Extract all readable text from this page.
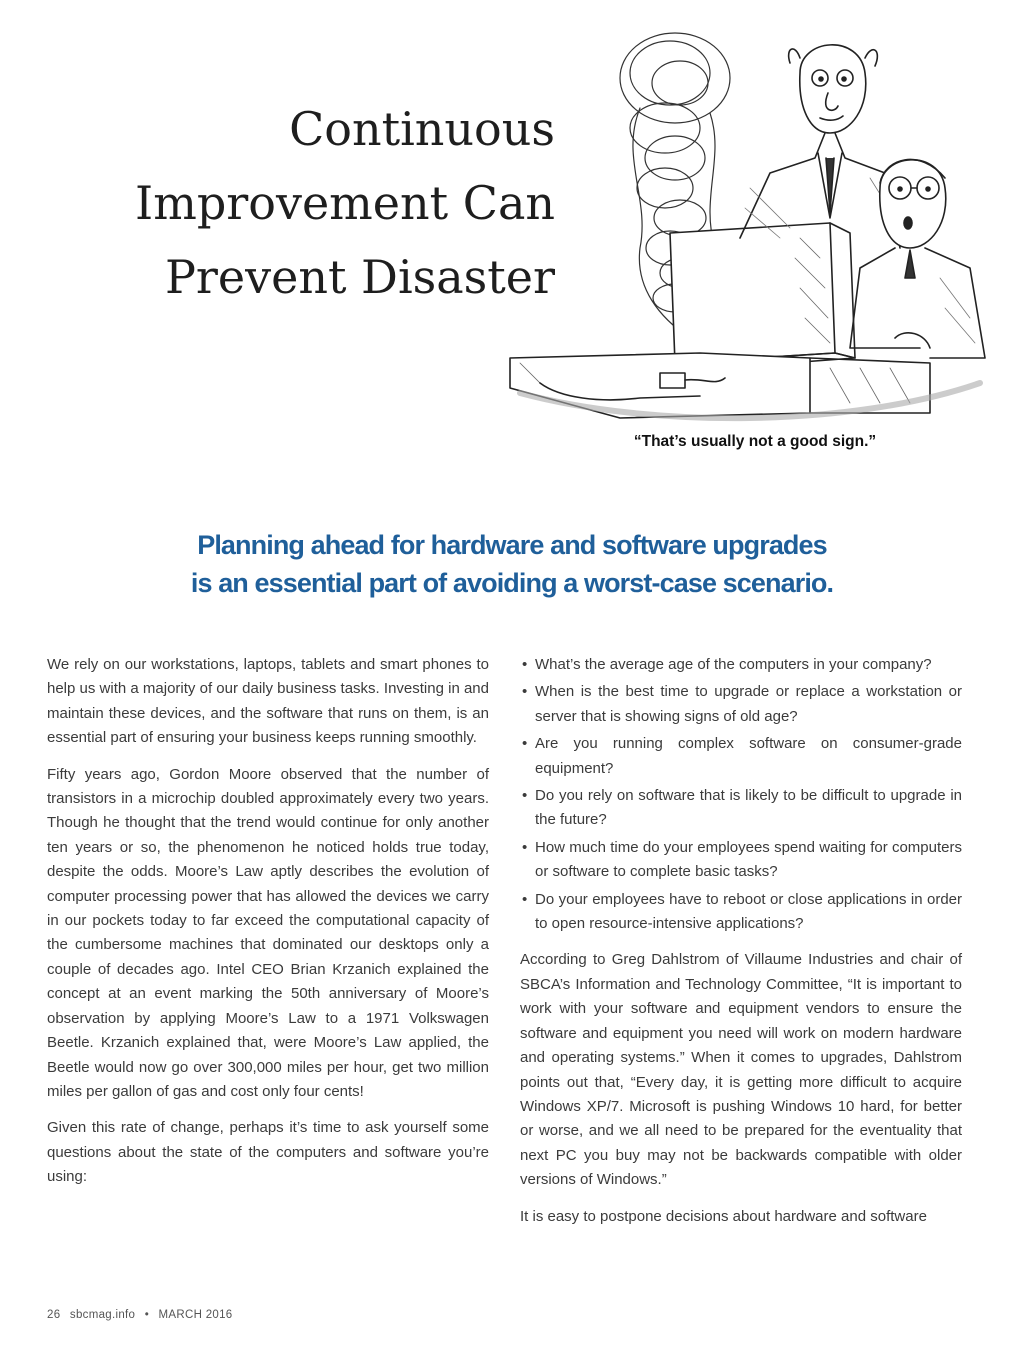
Continuous
Improvement Can
Prevent Disaster
“That’s usually not a good sign.”
Planning ahead for hardware and software upgrades
is an essential part of avoiding a worst-case scenario.

We rely on our workstations, laptops, tablets and smart phones to help us with a majority of our daily business tasks. Investing in and maintain these devices, and the software that runs on them, is an essential part of ensuring your business keeps running smoothly.

Fifty years ago, Gordon Moore observed that the number of transistors in a microchip doubled approximately every two years. Though he thought that the trend would continue for only another ten years or so, the phenomenon he noticed holds true today, despite the odds. Moore’s Law aptly describes the evolution of computer processing power that has allowed the devices we carry in our pockets today to far exceed the computational capacity of the cumbersome machines that dominated our desktops only a couple of decades ago. Intel CEO Brian Krzanich explained the concept at an event marking the 50th anniversary of Moore’s observation by applying Moore’s Law to a 1971 Volkswagen Beetle. Krzanich explained that, were Moore’s Law applied, the Beetle would now go over 300,000 miles per hour, get two million miles per gallon of gas and cost only four cents!

Given this rate of change, perhaps it’s time to ask yourself some questions about the state of the computers and software you’re using:

• What’s the average age of the computers in your company?
• When is the best time to upgrade or replace a workstation or server that is showing signs of old age?
• Are you running complex software on consumer-grade equipment?
• Do you rely on software that is likely to be difficult to upgrade in the future?
• How much time do your employees spend waiting for computers or software to complete basic tasks?
• Do your employees have to reboot or close applications in order to open resource-intensive applications?

According to Greg Dahlstrom of Villaume Industries and chair of SBCA’s Information and Technology Committee, “It is important to work with your software and equipment vendors to ensure the software and equipment you need will work on modern hardware and operating systems.” When it comes to upgrades, Dahlstrom points out that, “Every day, it is getting more difficult to acquire Windows XP/7. Microsoft is pushing Windows 10 hard, for better or worse, and we all need to be prepared for the eventuality that next PC you buy may not be backwards compatible with older versions of Windows.”

It is easy to postpone decisions about hardware and software

26 sbcmag.info • MARCH 2016
